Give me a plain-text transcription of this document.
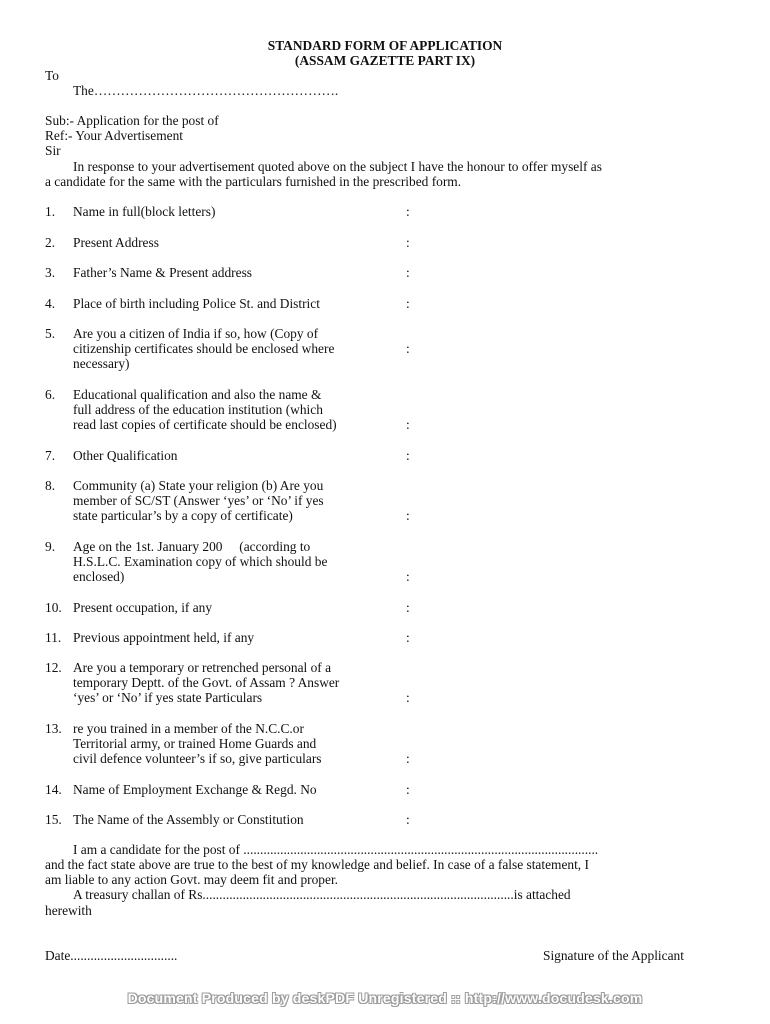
STANDARD FORM OF APPLICATION
(ASSAM GAZETTE PART IX)
To
The……………………………………………….
Sub:- Application for the post of
Ref:- Your Advertisement
Sir
In response to your advertisement quoted above on the subject I have the honour to offer myself as
a candidate for the same with the particulars furnished in the prescribed form.
1. Name in full(block letters)	:
2. Present Address	:
3. Father’s Name & Present address	:
4. Place of birth including Police St. and District	:
5. Are you a citizen of India if so, how (Copy of
citizenship certificates should be enclosed where
necessary)
:
6. Educational qualification and also the name &
full address of the education institution (which
read last copies of certificate should be enclosed)	:
7. Other Qualification	:
8. Community (a) State your religion (b) Are you
member of SC/ST (Answer ‘yes’ or ‘No’ if yes
state particular’s by a copy of certificate)	:
9. Age on the 1st. January 200     (according to
H.S.L.C. Examination copy of which should be
enclosed)	:
10. Present occupation, if any	:
11. Previous appointment held, if any	:
12. Are you a temporary or retrenched personal of a
temporary Deptt. of the Govt. of Assam ? Answer
‘yes’ or ‘No’ if yes state Particulars	:
13. re you trained in a member of the N.C.C.or
Territorial army, or trained Home Guards and
civil defence volunteer’s if so, give particulars	:
14. Name of Employment Exchange & Regd. No	:
15. The Name of the Assembly or Constitution	:
I am a candidate for the post of ..........................................................................................................
and the fact state above are true to the best of my knowledge and belief. In case of a false statement, I
am liable to any action Govt. may deem fit and proper.
A treasury challan of Rs.............................................................................................is attached
herewith
Date................................	Signature of the Applicant
Document Produced by deskPDF Unregistered :: http://www.docudesk.com
